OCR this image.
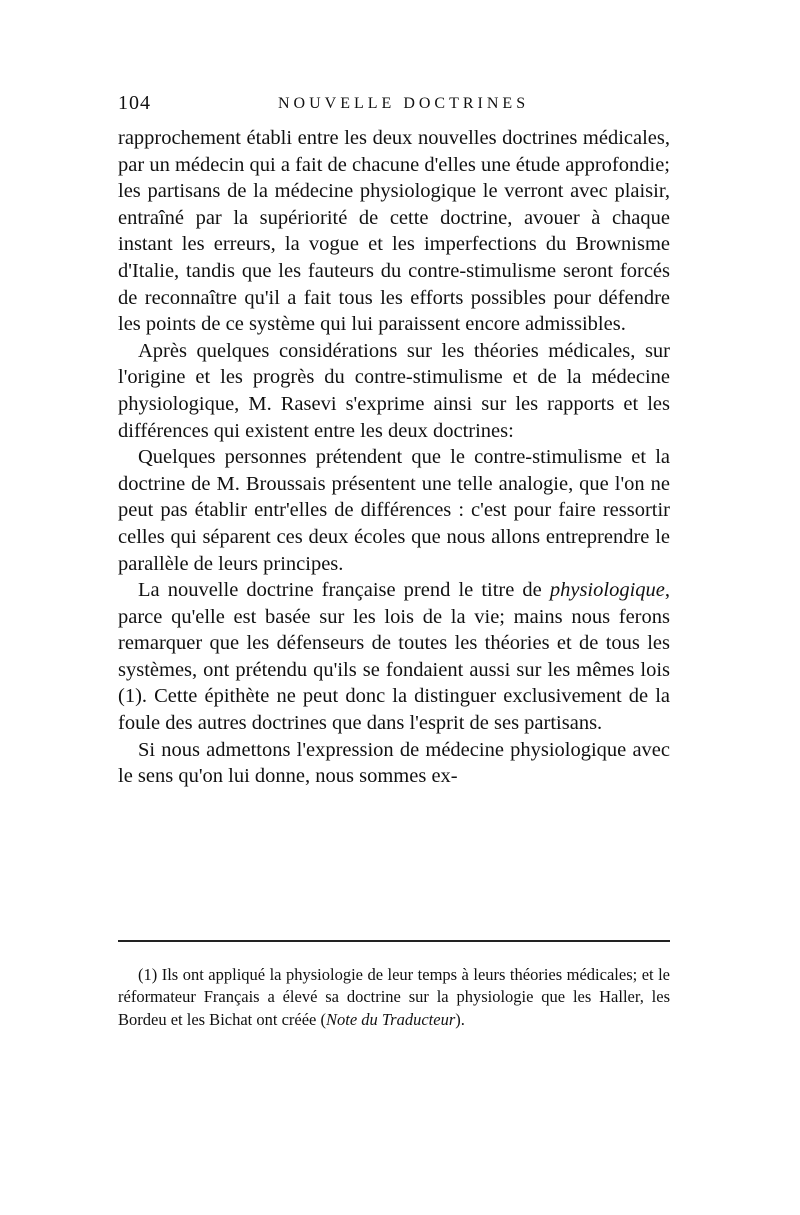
104	NOUVELLE DOCTRINES

rapprochement établi entre les deux nouvelles doctrines médicales, par un médecin qui a fait de chacune d'elles une étude approfondie; les partisans de la médecine physiologique le verront avec plaisir, entraîné par la supériorité de cette doctrine, avouer à chaque instant les erreurs, la vogue et les imperfections du Brownisme d'Italie, tandis que les fauteurs du contre-stimulisme seront forcés de reconnaître qu'il a fait tous les efforts possibles pour défendre les points de ce système qui lui paraissent encore admissibles.

Après quelques considérations sur les théories médicales, sur l'origine et les progrès du contre-stimulisme et de la médecine physiologique, M. Rasevi s'exprime ainsi sur les rapports et les différences qui existent entre les deux doctrines:

Quelques personnes prétendent que le contre-stimulisme et la doctrine de M. Broussais présentent une telle analogie, que l'on ne peut pas établir entr'elles de différences : c'est pour faire ressortir celles qui séparent ces deux écoles que nous allons entreprendre le parallèle de leurs principes.

La nouvelle doctrine française prend le titre de physiologique, parce qu'elle est basée sur les lois de la vie; mains nous ferons remarquer que les défenseurs de toutes les théories et de tous les systèmes, ont prétendu qu'ils se fondaient aussi sur les mêmes lois (1). Cette épithète ne peut donc la distinguer exclusivement de la foule des autres doctrines que dans l'esprit de ses partisans.

Si nous admettons l'expression de médecine physiologique avec le sens qu'on lui donne, nous sommes ex-

(1) Ils ont appliqué la physiologie de leur temps à leurs théories médicales; et le réformateur Français a élevé sa doctrine sur la physiologie que les Haller, les Bordeu et les Bichat ont créée (Note du Traducteur).
